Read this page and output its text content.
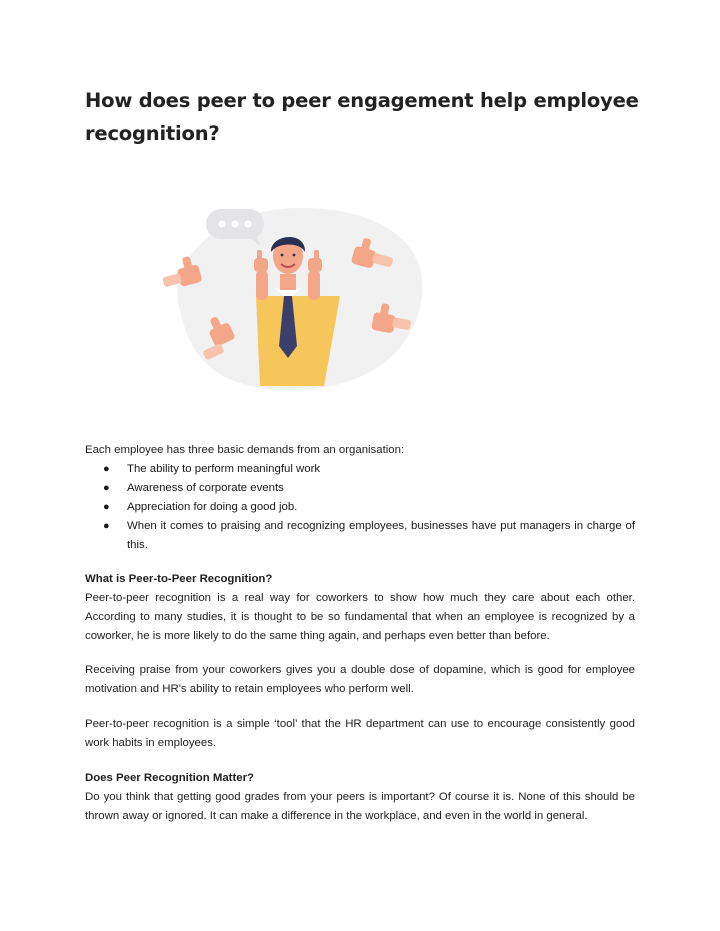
How does peer to peer engagement help employee recognition?
Each employee has three basic demands from an organisation:
● The ability to perform meaningful work
● Awareness of corporate events
● Appreciation for doing a good job.
● When it comes to praising and recognizing employees, businesses have put managers in charge of this.
What is Peer-to-Peer Recognition?
Peer-to-peer recognition is a real way for coworkers to show how much they care about each other. According to many studies, it is thought to be so fundamental that when an employee is recognized by a coworker, he is more likely to do the same thing again, and perhaps even better than before.
Receiving praise from your coworkers gives you a double dose of dopamine, which is good for employee motivation and HR's ability to retain employees who perform well.
Peer-to-peer recognition is a simple ‘tool’ that the HR department can use to encourage consistently good work habits in employees.
Does Peer Recognition Matter?
Do you think that getting good grades from your peers is important? Of course it is. None of this should be thrown away or ignored. It can make a difference in the workplace, and even in the world in general.
